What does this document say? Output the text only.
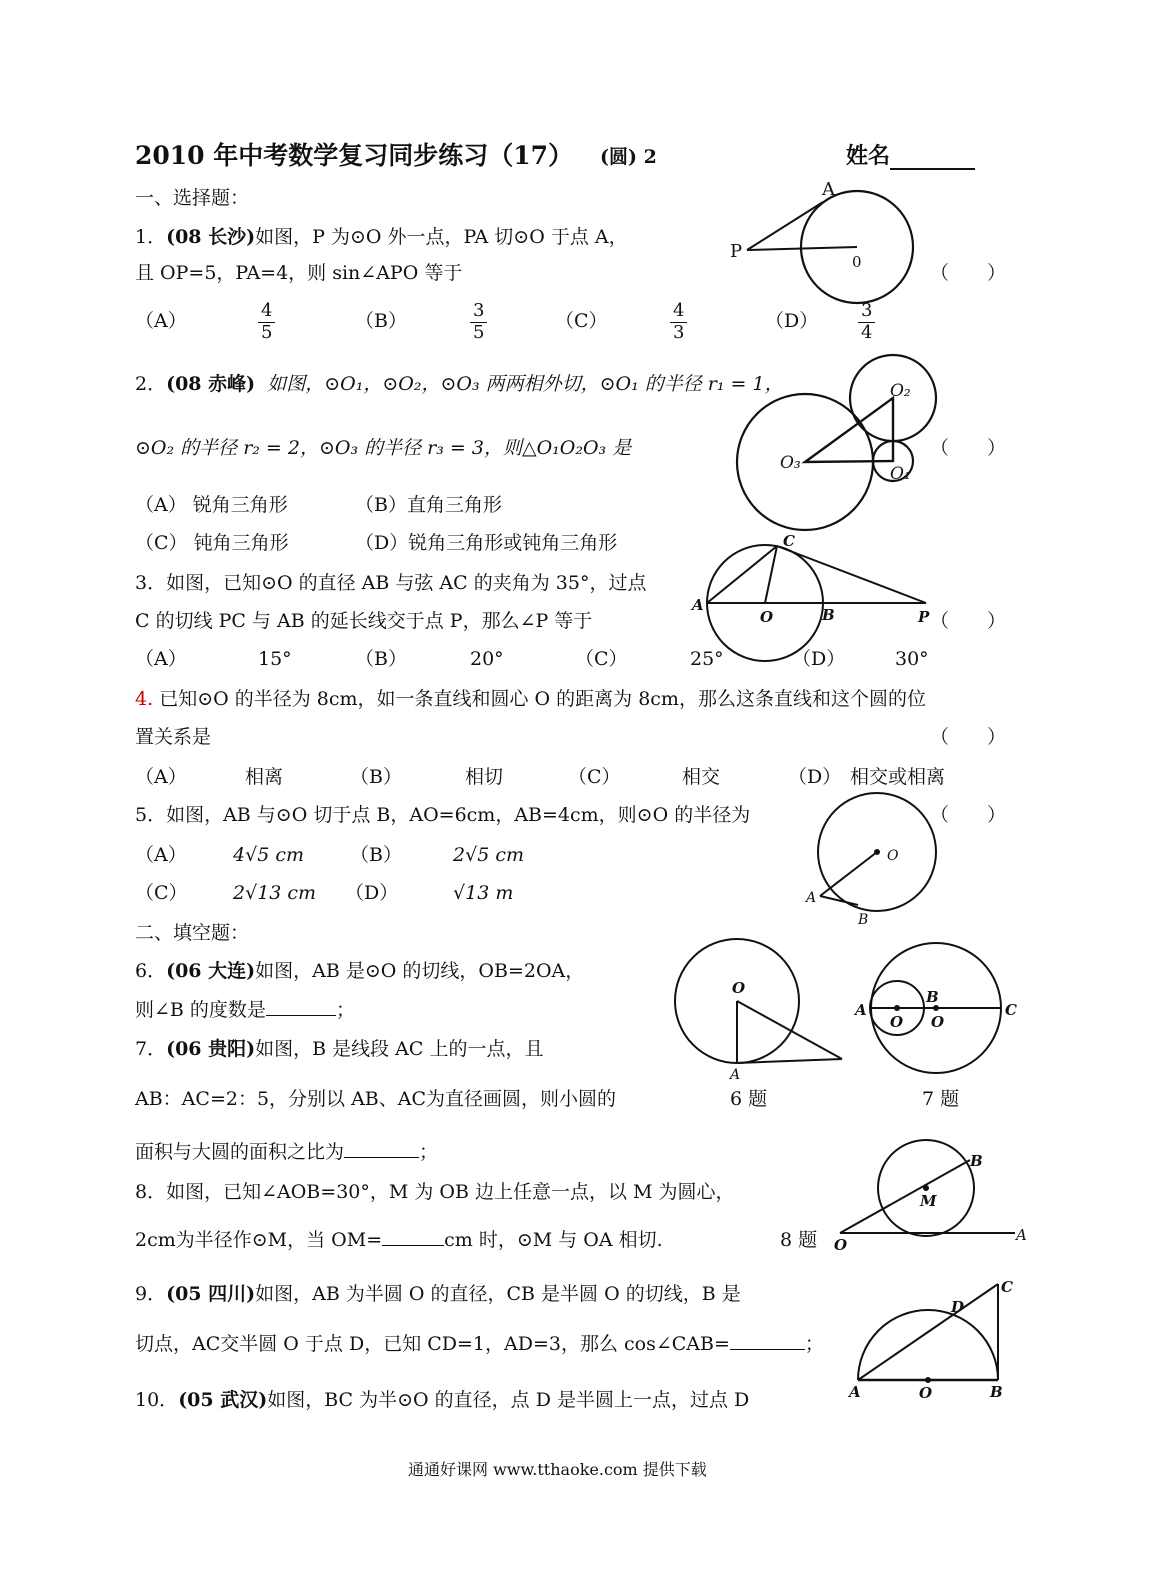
2010 年中考数学复习同步练习（17） (圆) 2	姓名
一、选择题：
1．(08 长沙)如图，P 为⊙O 外一点，PA 切⊙O 于点 A，
且 OP=5，PA=4，则 sin∠APO 等于	（　　）
（A）	$\frac{4}{5}$	（B）	$\frac{3}{5}$	（C）	$\frac{4}{3}$	$(D) \frac{3}{4}$
A
P	0
2．(08 赤峰) 如图，⊙O₁，⊙O₂，⊙O₃ 两两相外切，⊙O₁ 的半径 r₁ = 1，
⊙O₂ 的半径 r₂ = 2，⊙O₃ 的半径 r₃ = 3，则△O₁O₂O₃ 是	（　　）
（A） 锐角三角形	（B）直角三角形
（C） 钝角三角形	（D）锐角三角形或钝角三角形
O₂
O₃
O₁
3．如图，已知⊙O 的直径 AB 与弦 AC 的夹角为 35°，过点
C 的切线 PC 与 AB 的延长线交于点 P，那么∠P 等于	（　　）
（A）	15°	（B）	20°	（C）	25°	（D）	30°
C
A
O	B	P
4. 已知⊙O 的半径为 8cm，如一条直线和圆心 O 的距离为 8cm，那么这条直线和这个圆的位
置关系是	（　　）
（A）	相离	（B）	相切	（C）	相交	（D） 相交或相离
5．如图，AB 与⊙O 切于点 B，AO=6cm，AB=4cm，则⊙O 的半径为	（　　）
（A） 4√5 cm （B）	2√5 cm
（C） 2√13 cm （D）	√13 m
O
A
B
二、填空题：
6．(06 大连)如图，AB 是⊙O 的切线，OB=2OA，
则∠B 的度数是	；
O
A
6 题
A
B
C
O O
7 题
7．(06 贵阳)如图，B 是线段 AC 上的一点，且
AB：AC=2：5，分别以 AB、AC为直径画圆，则小圆的
面积与大圆的面积之比为	；
8．如图，已知∠AOB=30°，M 为 OB 边上任意一点，以 M 为圆心，
2cm为半径作⊙M，当 OM=	cm 时，⊙M 与 OA 相切.	8 题 O
A
B
M
9．(05 四川)如图，AB 为半圆 O 的直径，CB 是半圆 O 的切线，B 是
切点，AC交半圆 O 于点 D，已知 CD=1，AD=3，那么 cos∠CAB=	；
A	O	B
C
D
10．(05 武汉)如图，BC 为半⊙O 的直径，点 D 是半圆上一点，过点 D
通通好课网 www.tthaoke.com 提供下载
